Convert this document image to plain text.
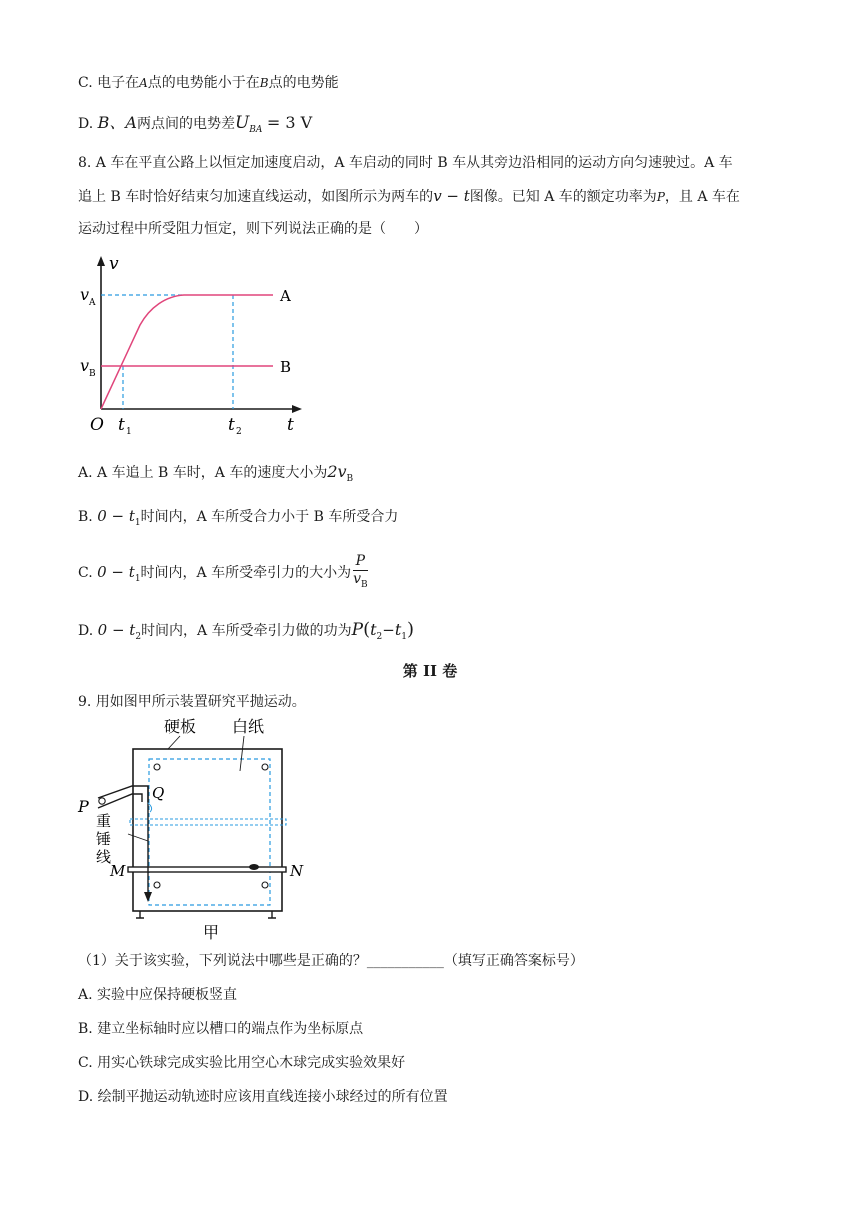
C. 电子在A点的电势能小于在B点的电势能
D. B、A两点间的电势差$U_{BA} = 3$ V
8. A 车在平直公路上以恒定加速度启动，A 车启动的同时 B 车从其旁边沿相同的运动方向匀速驶过。A 车
追上 B 车时恰好结束匀加速直线运动，如图所示为两车的v − t图像。已知 A 车的额定功率为P，且 A 车在
运动过程中所受阻力恒定，则下列说法正确的是（　　）
v
v A
v B
O t 1	t 2	t
A
B
A. A 车追上 B 车时，A 车的速度大小为$2v_B$
B. $0 - t_1$时间内，A 车所受合力小于 B 车所受合力
C. $0 - t_1$时间内，A 车所受牵引力的大小为 $\frac{P}{v_B}$
D. $0 - t_2$时间内，A 车所受牵引力做的功为$P(t_2-t_1)$
第 II 卷
9. 用如图甲所示装置研究平抛运动。
硬板 白纸
P
Q
重
锤
线
M	N
甲
（1）关于该实验，下列说法中哪些是正确的？___________（填写正确答案标号）
A. 实验中应保持硬板竖直
B. 建立坐标轴时应以槽口的端点作为坐标原点
C. 用实心铁球完成实验比用空心木球完成实验效果好
D. 绘制平抛运动轨迹时应该用直线连接小球经过的所有位置
